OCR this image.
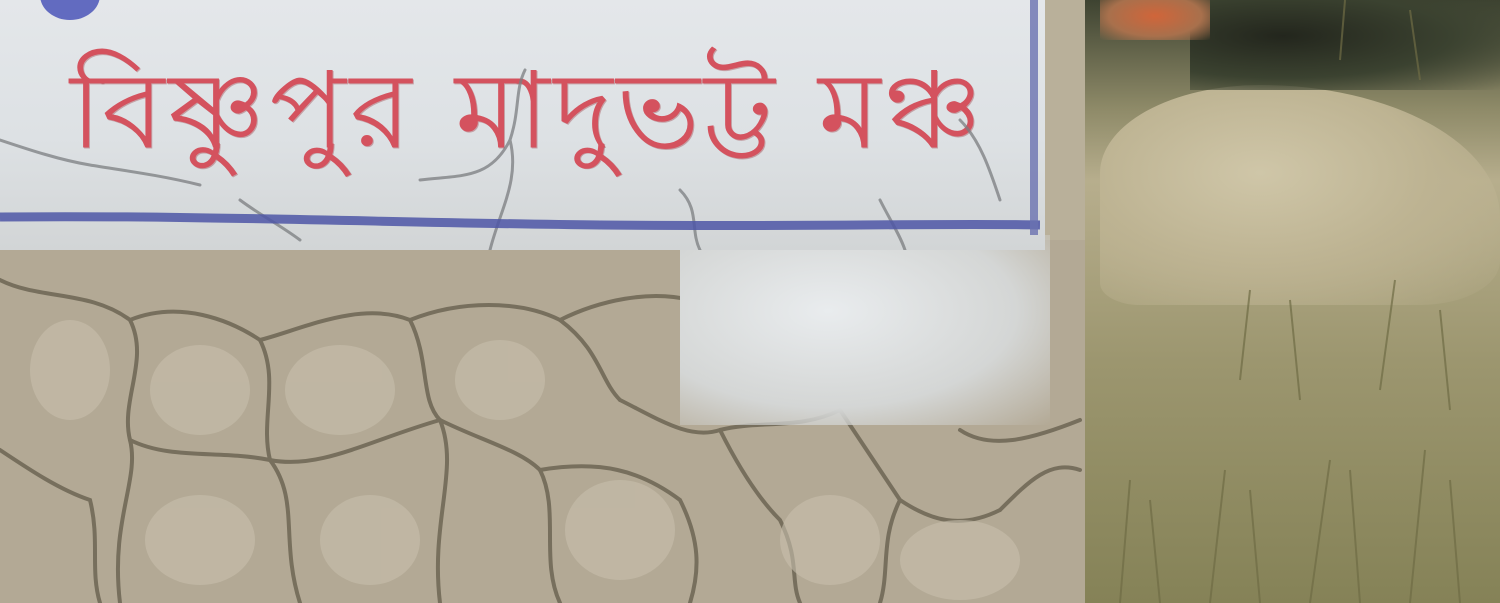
বিষ্ণুপুর মাদুভট্ট মঞ্চ
